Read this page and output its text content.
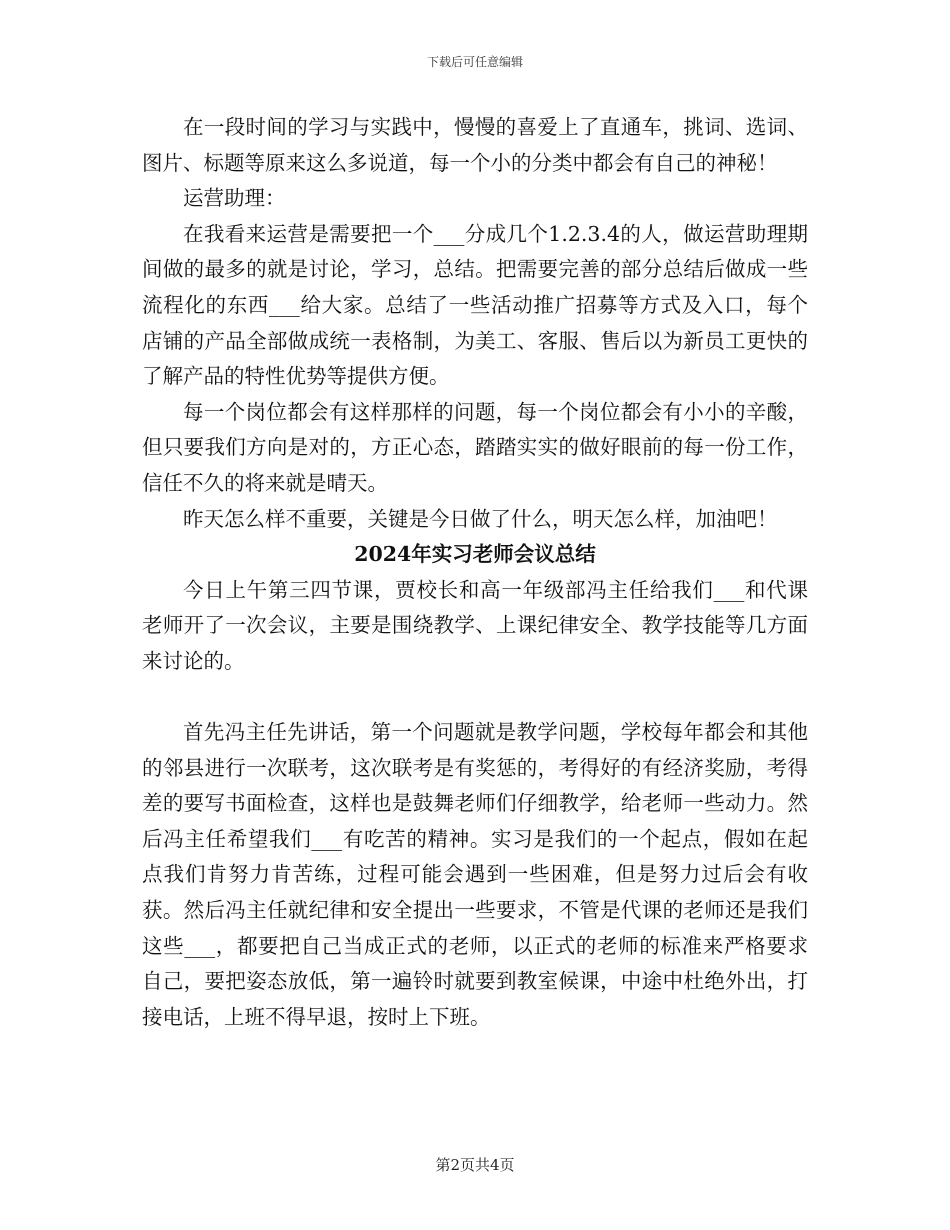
下载后可任意编辑

在一段时间的学习与实践中，慢慢的喜爱上了直通车，挑词、选词、图片、标题等原来这么多说道，每一个小的分类中都会有自己的神秘！

运营助理：

在我看来运营是需要把一个___分成几个1.2.3.4的人，做运营助理期间做的最多的就是讨论，学习，总结。把需要完善的部分总结后做成一些流程化的东西___给大家。总结了一些活动推广招募等方式及入口，每个店铺的产品全部做成统一表格制，为美工、客服、售后以为新员工更快的了解产品的特性优势等提供方便。

每一个岗位都会有这样那样的问题，每一个岗位都会有小小的辛酸，但只要我们方向是对的，方正心态，踏踏实实的做好眼前的每一份工作，信任不久的将来就是晴天。

昨天怎么样不重要，关键是今日做了什么，明天怎么样，加油吧！

2024年实习老师会议总结

今日上午第三四节课，贾校长和高一年级部冯主任给我们___和代课老师开了一次会议，主要是围绕教学、上课纪律安全、教学技能等几方面来讨论的。

首先冯主任先讲话，第一个问题就是教学问题，学校每年都会和其他的邻县进行一次联考，这次联考是有奖惩的，考得好的有经济奖励，考得差的要写书面检查，这样也是鼓舞老师们仔细教学，给老师一些动力。然后冯主任希望我们___有吃苦的精神。实习是我们的一个起点，假如在起点我们肯努力肯苦练，过程可能会遇到一些困难，但是努力过后会有收获。然后冯主任就纪律和安全提出一些要求，不管是代课的老师还是我们这些___，都要把自己当成正式的老师，以正式的老师的标准来严格要求自己，要把姿态放低，第一遍铃时就要到教室候课，中途中杜绝外出，打接电话，上班不得早退，按时上下班。

第2页共4页
